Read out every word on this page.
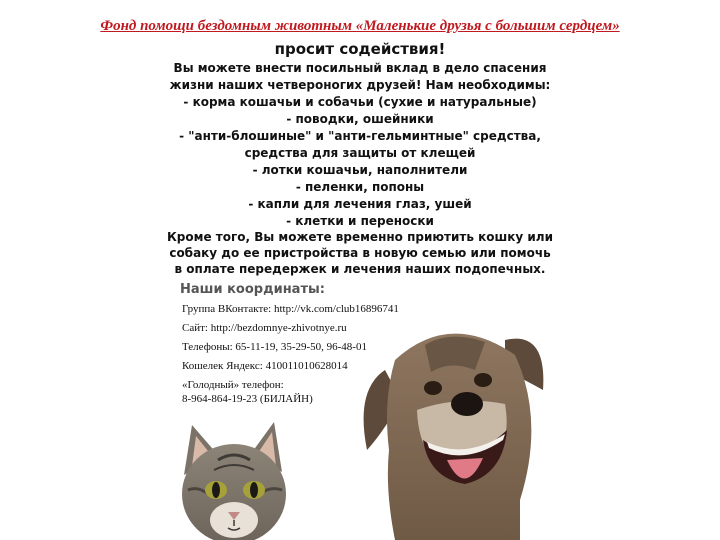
Фонд помощи бездомным животным «Маленькие друзья с большим сердцем»
просит содействия!
Вы можете внести посильный вклад в дело спасения
жизни наших четвероногих друзей! Нам необходимы:
- корма кошачьи и собачьи (сухие и натуральные)
- поводки, ошейники
- "анти-блошиные" и "анти-гельминтные" средства,
средства для защиты от клещей
- лотки кошачьи, наполнители
- пеленки, попоны
- капли для лечения глаз, ушей
- клетки и переноски
Кроме того, Вы можете временно приютить кошку или
собаку до ее пристройства в новую семью или помочь
в оплате передержек и лечения наших подопечных.
Наши координаты:
Группа ВКонтакте: http://vk.com/club16896741
Сайт: http://bezdomnye-zhivotnye.ru
Телефоны: 65-11-19, 35-29-50, 96-48-01
Кошелек Яндекс: 410011010628014
«Голодный» телефон:
8-964-864-19-23 (БИЛАЙН)
